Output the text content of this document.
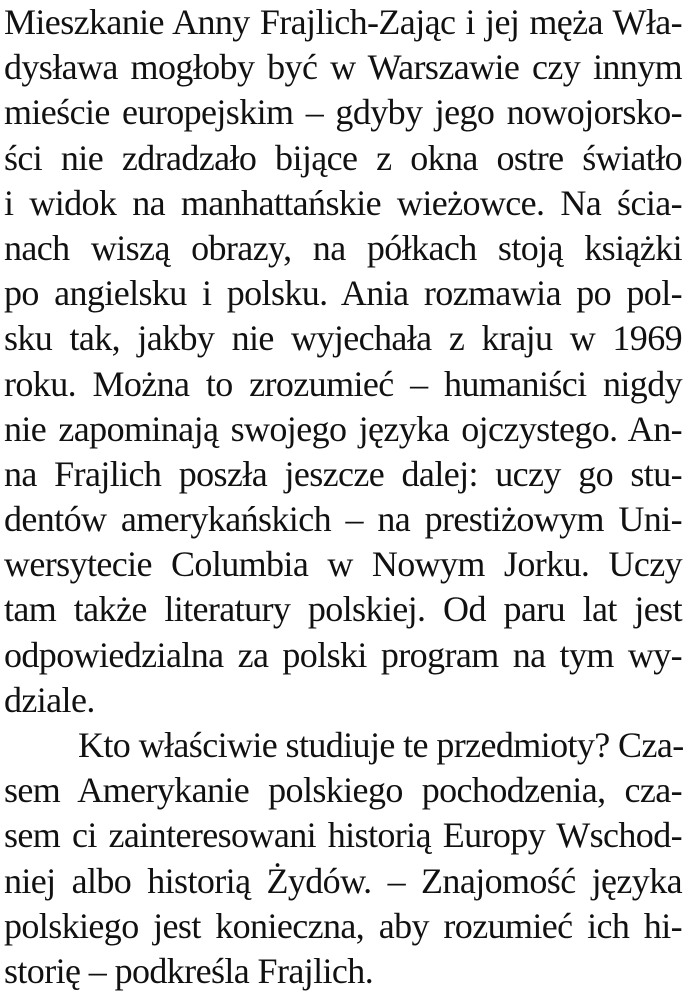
Mieszkanie Anny Frajlich-Zając i jej męża Wła-
dysława mogłoby być w Warszawie czy innym
mieście europejskim – gdyby jego nowojorsko-
ści nie zdradzało bijące z okna ostre światło
i widok na manhattańskie wieżowce. Na ścia-
nach wiszą obrazy, na półkach stoją książki
po angielsku i polsku. Ania rozmawia po pol-
sku tak, jakby nie wyjechała z kraju w 1969
roku. Można to zrozumieć – humaniści nigdy
nie zapominają swojego języka ojczystego. An-
na Frajlich poszła jeszcze dalej: uczy go stu-
dentów amerykańskich – na prestiżowym Uni-
wersytecie Columbia w Nowym Jorku. Uczy
tam także literatury polskiej. Od paru lat jest
odpowiedzialna za polski program na tym wy-
dziale.
Kto właściwie studiuje te przedmioty? Cza-
sem Amerykanie polskiego pochodzenia, cza-
sem ci zainteresowani historią Europy Wschod-
niej albo historią Żydów. – Znajomość języka
polskiego jest konieczna, aby rozumieć ich hi-
storię – podkreśla Frajlich.
